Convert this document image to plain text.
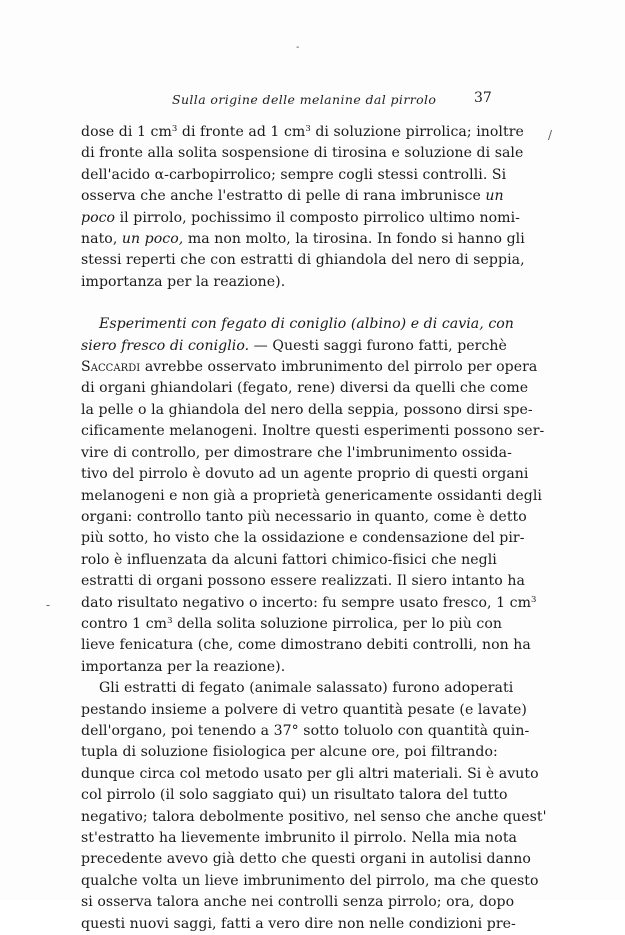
-
/
-
Sulla origine delle melanine dal pirrolo	37
dose di 1 $cm^3$ di fronte ad 1 $cm^3$ di soluzione pirrolica; inoltre
di fronte alla solita sospensione di tirosina e soluzione di sale
dell'acido α-carbopirrolico; sempre cogli stessi controlli. Si
osserva che anche l'estratto di pelle di rana imbrunisce un
poco il pirrolo, pochissimo il composto pirrolico ultimo nomi-
nato, un poco, ma non molto, la tirosina. In fondo si hanno gli
stessi reperti che con estratti di ghiandola del nero di seppia,
importanza per la reazione).
Esperimenti con fegato di coniglio (albino) e di cavia, con
siero fresco di coniglio. — Questi saggi furono fatti, perchè
Saccardi avrebbe osservato imbrunimento del pirrolo per opera
di organi ghiandolari (fegato, rene) diversi da quelli che come
la pelle o la ghiandola del nero della seppia, possono dirsi spe-
cificamente melanogeni. Inoltre questi esperimenti possono ser-
vire di controllo, per dimostrare che l'imbrunimento ossida-
tivo del pirrolo è dovuto ad un agente proprio di questi organi
melanogeni e non già a proprietà genericamente ossidanti degli
organi: controllo tanto più necessario in quanto, come è detto
più sotto, ho visto che la ossidazione e condensazione del pir-
rolo è influenzata da alcuni fattori chimico-fisici che negli
estratti di organi possono essere realizzati. Il siero intanto ha
dato risultato negativo o incerto: fu sempre usato fresco, 1 $cm^3$
contro 1 $cm^3$ della solita soluzione pirrolica, per lo più con
lieve fenicatura (che, come dimostrano debiti controlli, non ha
importanza per la reazione).
Gli estratti di fegato (animale salassato) furono adoperati
pestando insieme a polvere di vetro quantità pesate (e lavate)
dell'organo, poi tenendo a 37° sotto toluolo con quantità quin-
tupla di soluzione fisiologica per alcune ore, poi filtrando:
dunque circa col metodo usato per gli altri materiali. Si è avuto
col pirrolo (il solo saggiato qui) un risultato talora del tutto
negativo; talora debolmente positivo, nel senso che anche quest'
st'estratto ha lievemente imbrunito il pirrolo. Nella mia nota
precedente avevo già detto che questi organi in autolisi danno
qualche volta un lieve imbrunimento del pirrolo, ma che questo
si osserva talora anche nei controlli senza pirrolo; ora, dopo
questi nuovi saggi, fatti a vero dire non nelle condizioni pre-
